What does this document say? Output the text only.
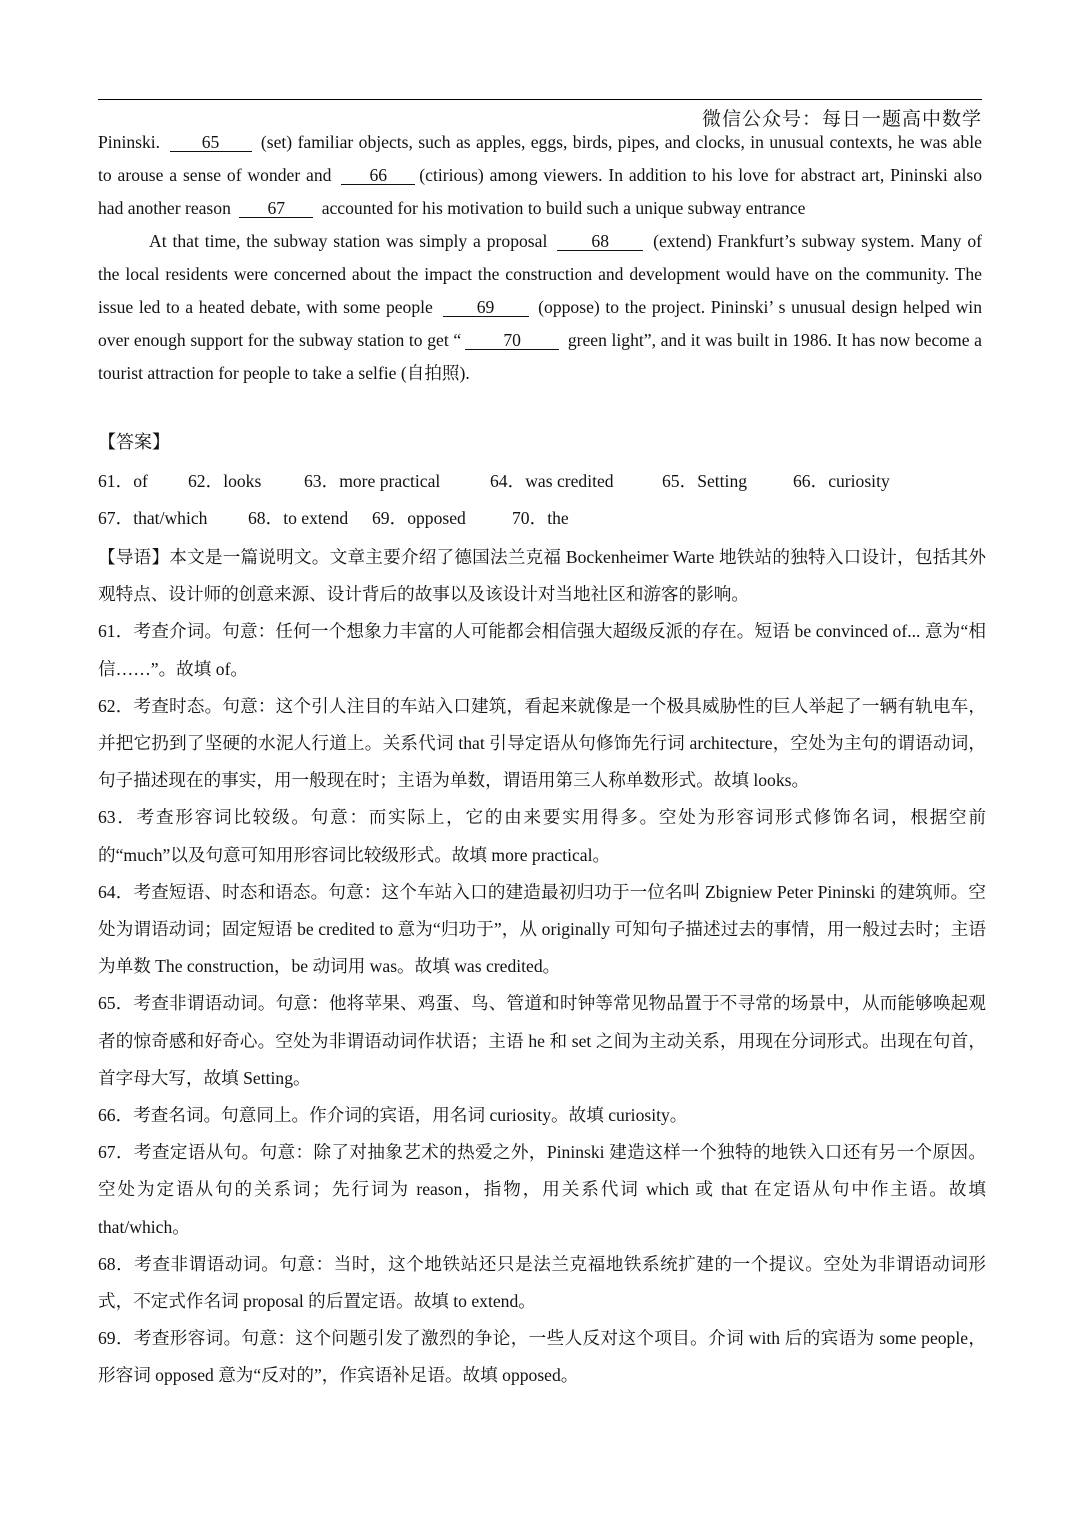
微信公众号：每日一题高中数学
Pininski. 65 (set) familiar objects, such as apples, eggs, birds, pipes, and clocks, in unusual contexts, he was able to arouse a sense of wonder and 66 (ctirious) among viewers. In addition to his love for abstract art, Pininski also had another reason 67 accounted for his motivation to build such a unique subway entrance
At that time, the subway station was simply a proposal	68	(extend) Frankfurt’s subway system. Many of the local residents were concerned about the impact the construction and development would have on the community. The issue led to a heated debate, with some people 69 (oppose) to the project. Pininski’ s unusual design helped win over enough support for the subway station to get “ 70	green light”, and it was built in 1986. It has now become a tourist attraction for people to take a selfie (自拍照).
【答案】
61．of 62．looks 63．more practical	64．was credited	65．Setting	66．curiosity
67．that/which 68．to extend 69．opposed	70．the

【导语】本文是一篇说明文。文章主要介绍了德国法兰克福 Bockenheimer Warte 地铁站的独特入口设计，包括其外观特点、设计师的创意来源、设计背后的故事以及该设计对当地社区和游客的影响。

61．考查介词。句意：任何一个想象力丰富的人可能都会相信强大超级反派的存在。短语 be convinced of... 意为“相信……”。故填 of。

62．考查时态。句意：这个引人注目的车站入口建筑，看起来就像是一个极具威胁性的巨人举起了一辆有轨电车，并把它扔到了坚硬的水泥人行道上。关系代词 that 引导定语从句修饰先行词 architecture，空处为主句的谓语动词，句子描述现在的事实，用一般现在时；主语为单数，谓语用第三人称单数形式。故填 looks。

63．考查形容词比较级。句意：而实际上，它的由来要实用得多。空处为形容词形式修饰名词，根据空前的“much”以及句意可知用形容词比较级形式。故填 more practical。

64．考查短语、时态和语态。句意：这个车站入口的建造最初归功于一位名叫 Zbigniew Peter Pininski 的建筑师。空处为谓语动词；固定短语 be credited to 意为“归功于”，从 originally 可知句子描述过去的事情，用一般过去时；主语为单数 The construction，be 动词用 was。故填 was credited。

65．考查非谓语动词。句意：他将苹果、鸡蛋、鸟、管道和时钟等常见物品置于不寻常的场景中，从而能够唤起观者的惊奇感和好奇心。空处为非谓语动词作状语；主语 he 和 set 之间为主动关系，用现在分词形式。出现在句首，首字母大写，故填 Setting。

66．考查名词。句意同上。作介词的宾语，用名词 curiosity。故填 curiosity。

67．考查定语从句。句意：除了对抽象艺术的热爱之外，Pininski 建造这样一个独特的地铁入口还有另一个原因。空处为定语从句的关系词；先行词为 reason，指物，用关系代词 which 或 that 在定语从句中作主语。故填 that/which。

68．考查非谓语动词。句意：当时，这个地铁站还只是法兰克福地铁系统扩建的一个提议。空处为非谓语动词形式，不定式作名词 proposal 的后置定语。故填 to extend。

69．考查形容词。句意：这个问题引发了激烈的争论，一些人反对这个项目。介词 with 后的宾语为 some people，形容词 opposed 意为“反对的”，作宾语补足语。故填 opposed。
